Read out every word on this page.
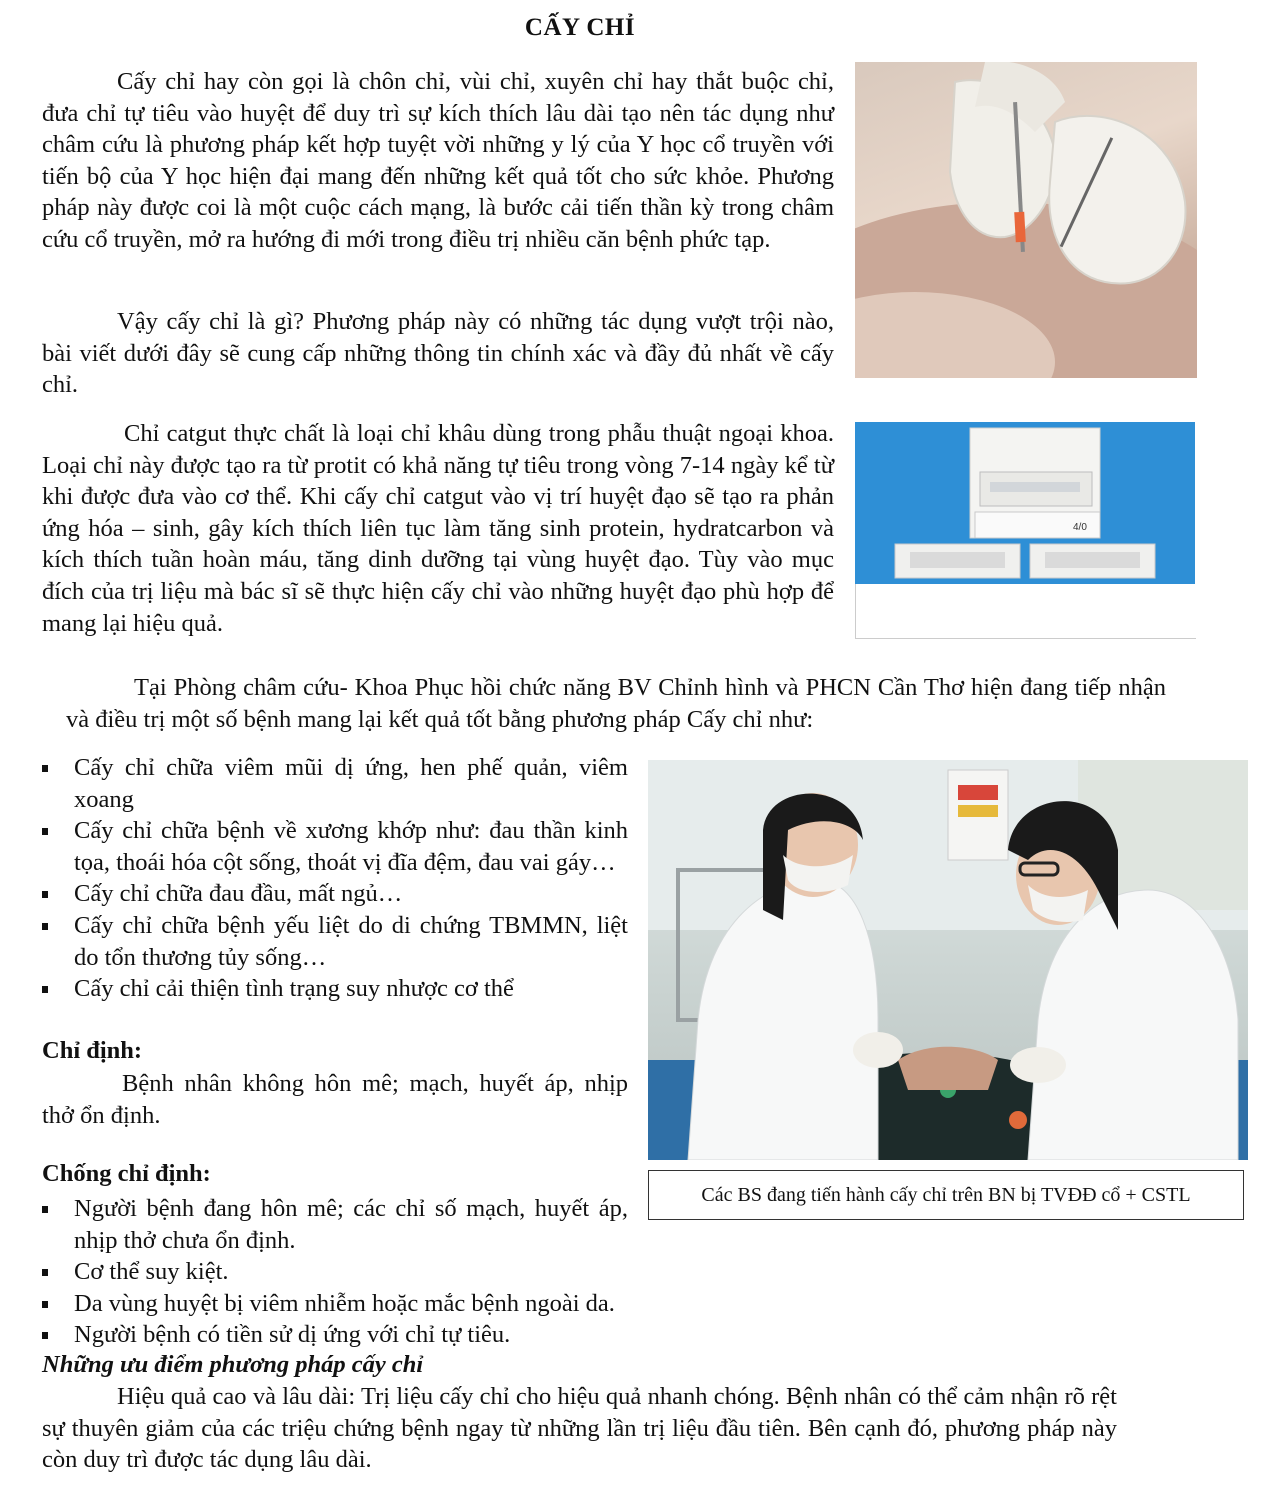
CẤY CHỈ

Cấy chỉ hay còn gọi là chôn chỉ, vùi chỉ, xuyên chỉ hay thắt buộc chỉ, đưa chỉ tự tiêu vào huyệt để duy trì sự kích thích lâu dài tạo nên tác dụng như châm cứu là phương pháp kết hợp tuyệt vời những y lý của Y học cổ truyền với tiến bộ của Y học hiện đại mang đến những kết quả tốt cho sức khỏe. Phương pháp này được coi là một cuộc cách mạng, là bước cải tiến thần kỳ trong châm cứu cổ truyền, mở ra hướng đi mới trong điều trị nhiều căn bệnh phức tạp.

Vậy cấy chỉ là gì? Phương pháp này có những tác dụng vượt trội nào, bài viết dưới đây sẽ cung cấp những thông tin chính xác và đầy đủ nhất về cấy chỉ.

Chỉ catgut thực chất là loại chỉ khâu dùng trong phẫu thuật ngoại khoa. Loại chỉ này được tạo ra từ protit có khả năng tự tiêu trong vòng 7-14 ngày kể từ khi được đưa vào cơ thể. Khi cấy chỉ catgut vào vị trí huyệt đạo sẽ tạo ra phản ứng hóa – sinh, gây kích thích liên tục làm tăng sinh protein, hydratcarbon và kích thích tuần hoàn máu, tăng dinh dưỡng tại vùng huyệt đạo. Tùy vào mục đích của trị liệu mà bác sĩ sẽ thực hiện cấy chỉ vào những huyệt đạo phù hợp để mang lại hiệu quả.

Tại Phòng châm cứu- Khoa Phục hồi chức năng BV Chỉnh hình và PHCN Cần Thơ hiện đang tiếp nhận và điều trị một số bệnh mang lại kết quả tốt bằng phương pháp Cấy chỉ như:

4/0
Cấy chỉ chữa viêm mũi dị ứng, hen phế quản, viêm xoang
Cấy chỉ chữa bệnh về xương khớp như: đau thần kinh tọa, thoái hóa cột sống, thoát vị đĩa đệm, đau vai gáy…
Cấy chỉ chữa đau đầu, mất ngủ…
Cấy chỉ chữa bệnh yếu liệt do di chứng TBMMN, liệt do tổn thương tủy sống…
Cấy chỉ cải thiện tình trạng suy nhược cơ thể
Các BS đang tiến hành cấy chỉ trên BN bị TVĐĐ cổ + CSTL

Chỉ định:

Bệnh nhân không hôn mê; mạch, huyết áp, nhịp thở ổn định.

Chống chỉ định:

Người bệnh đang hôn mê; các chỉ số mạch, huyết áp, nhịp thở chưa ổn định.
Cơ thể suy kiệt.
Da vùng huyệt bị viêm nhiễm hoặc mắc bệnh ngoài da.
Người bệnh có tiền sử dị ứng với chỉ tự tiêu.

Những ưu điểm phương pháp cấy chỉ

Hiệu quả cao và lâu dài: Trị liệu cấy chỉ cho hiệu quả nhanh chóng. Bệnh nhân có thể cảm nhận rõ rệt sự thuyên giảm của các triệu chứng bệnh ngay từ những lần trị liệu đầu tiên. Bên cạnh đó, phương pháp này còn duy trì được tác dụng lâu dài.
